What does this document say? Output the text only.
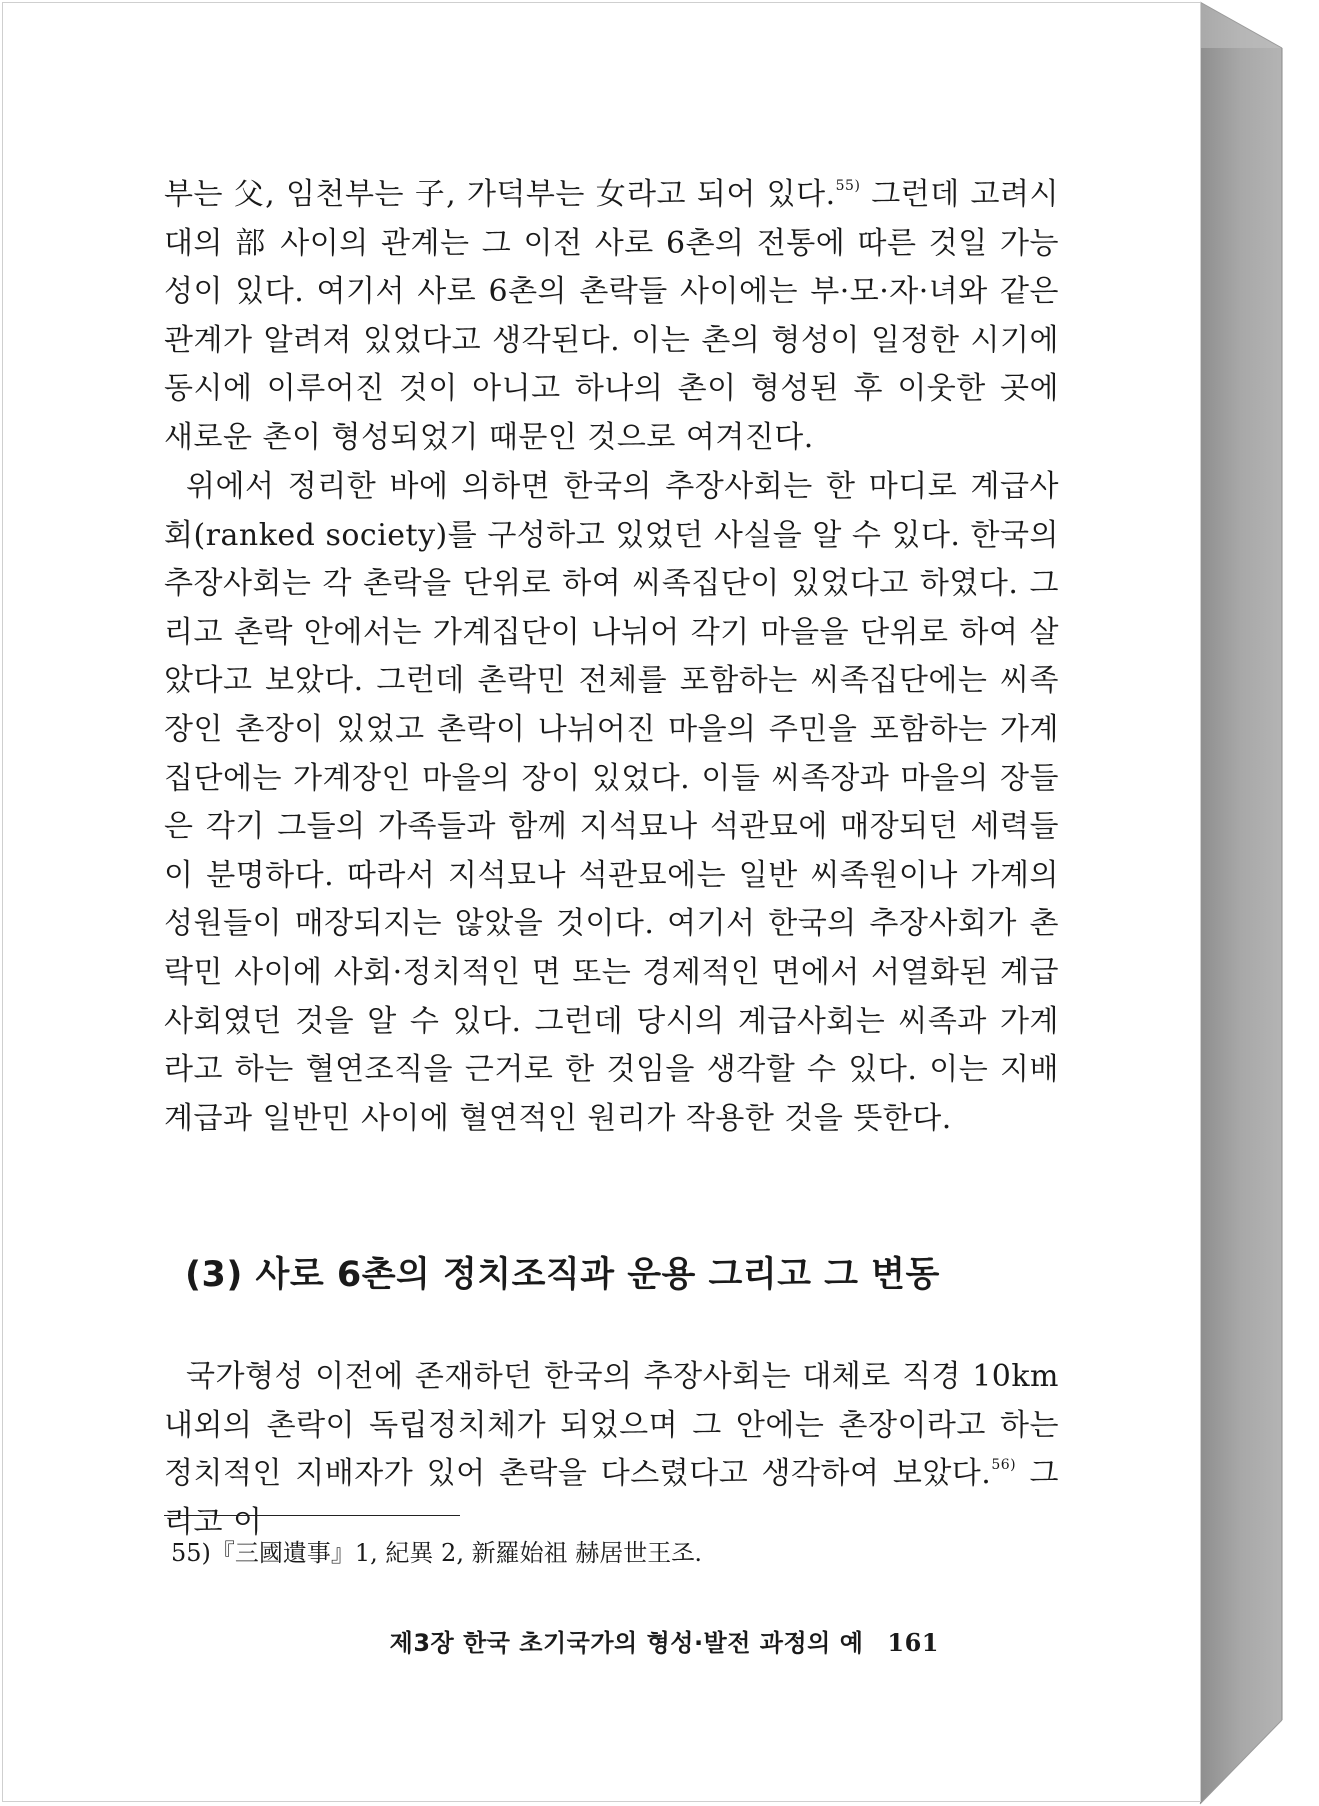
부는 父, 임천부는 子, 가덕부는 女라고 되어 있다.$^{55)}$ 그런데 고려시대의 部 사이의 관계는 그 이전 사로 6촌의 전통에 따른 것일 가능성이 있다. 여기서 사로 6촌의 촌락들 사이에는 부·모·자·녀와 같은 관계가 알려져 있었다고 생각된다. 이는 촌의 형성이 일정한 시기에 동시에 이루어진 것이 아니고 하나의 촌이 형성된 후 이웃한 곳에 새로운 촌이 형성되었기 때문인 것으로 여겨진다.

위에서 정리한 바에 의하면 한국의 추장사회는 한 마디로 계급사회(ranked society)를 구성하고 있었던 사실을 알 수 있다. 한국의 추장사회는 각 촌락을 단위로 하여 씨족집단이 있었다고 하였다. 그리고 촌락 안에서는 가계집단이 나뉘어 각기 마을을 단위로 하여 살았다고 보았다. 그런데 촌락민 전체를 포함하는 씨족집단에는 씨족장인 촌장이 있었고 촌락이 나뉘어진 마을의 주민을 포함하는 가계집단에는 가계장인 마을의 장이 있었다. 이들 씨족장과 마을의 장들은 각기 그들의 가족들과 함께 지석묘나 석관묘에 매장되던 세력들이 분명하다. 따라서 지석묘나 석관묘에는 일반 씨족원이나 가계의 성원들이 매장되지는 않았을 것이다. 여기서 한국의 추장사회가 촌락민 사이에 사회·정치적인 면 또는 경제적인 면에서 서열화된 계급사회였던 것을 알 수 있다. 그런데 당시의 계급사회는 씨족과 가계라고 하는 혈연조직을 근거로 한 것임을 생각할 수 있다. 이는 지배계급과 일반민 사이에 혈연적인 원리가 작용한 것을 뜻한다.

(3) 사로 6촌의 정치조직과 운용 그리고 그 변동

국가형성 이전에 존재하던 한국의 추장사회는 대체로 직경 10km 내외의 촌락이 독립정치체가 되었으며 그 안에는 촌장이라고 하는 정치적인 지배자가 있어 촌락을 다스렸다고 생각하여 보았다.$^{56)}$ 그리고 이

55)『三國遺事』1, 紀異 2, 新羅始祖 赫居世王조.

제3장 한국 초기국가의 형성·발전 과정의 예 161
